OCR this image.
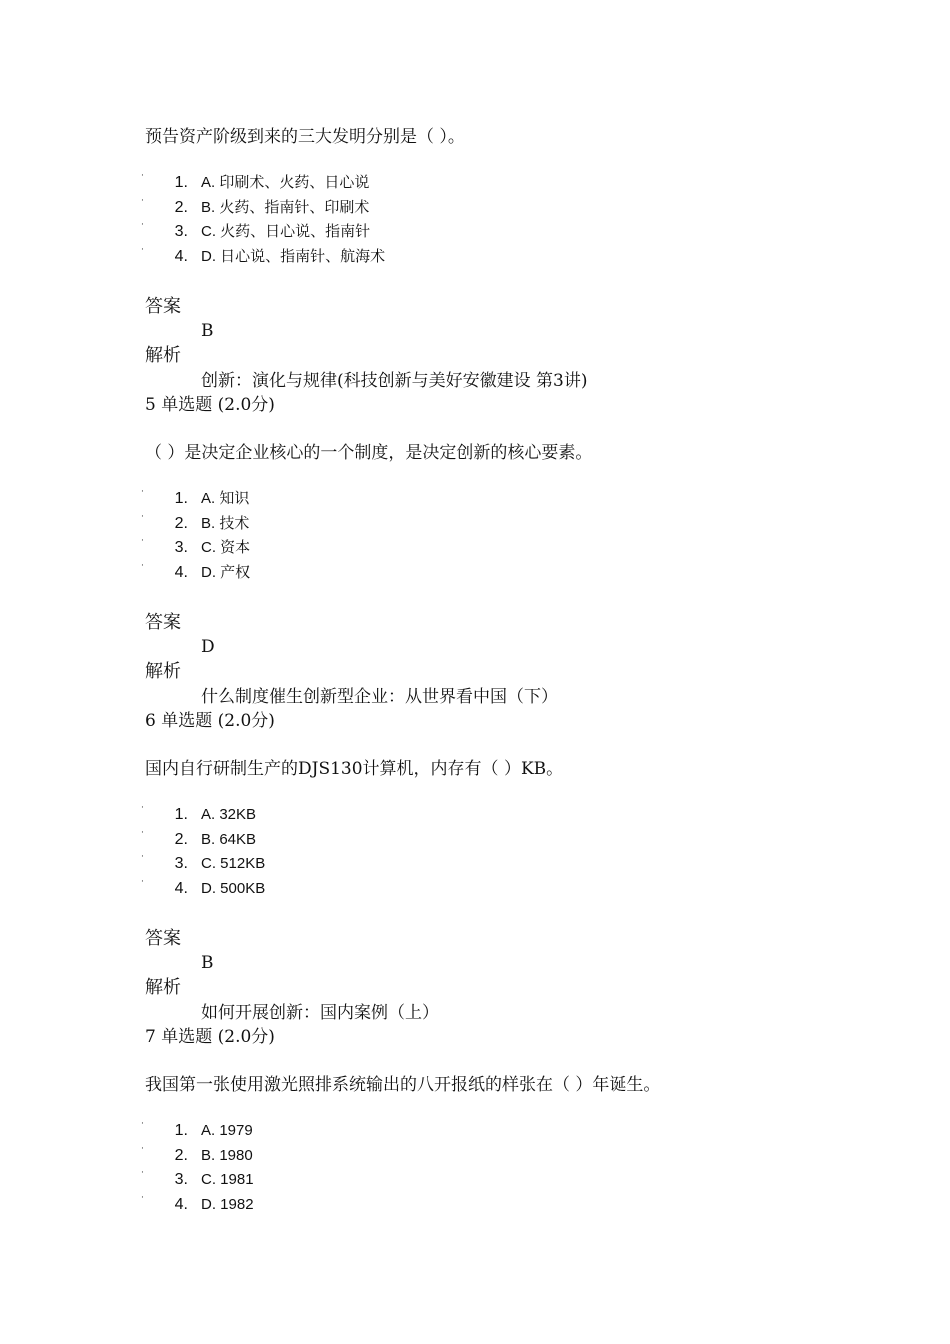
预告资产阶级到来的三大发明分别是（ ）。
·	1. A. 印刷术、火药、日心说
·	2. B. 火药、指南针、印刷术
·	3. C. 火药、日心说、指南针
·	4. D. 日心说、指南针、航海术
答案
B
解析
创新：演化与规律(科技创新与美好安徽建设 第3讲)
5 单选题 (2.0分)
（ ）是决定企业核心的一个制度，是决定创新的核心要素。
·	1. A. 知识
·	2. B. 技术
·	3. C. 资本
·	4. D. 产权
答案
D
解析
什么制度催生创新型企业：从世界看中国（下）
6 单选题 (2.0分)
国内自行研制生产的DJS130计算机，内存有（ ）KB。
·	1. A. 32KB
·	2. B. 64KB
·	3. C. 512KB
·	4. D. 500KB
答案
B
解析
如何开展创新：国内案例（上）
7 单选题 (2.0分)
我国第一张使用激光照排系统输出的八开报纸的样张在（ ）年诞生。
·	1. A. 1979
·	2. B. 1980
·	3. C. 1981
·	4. D. 1982
